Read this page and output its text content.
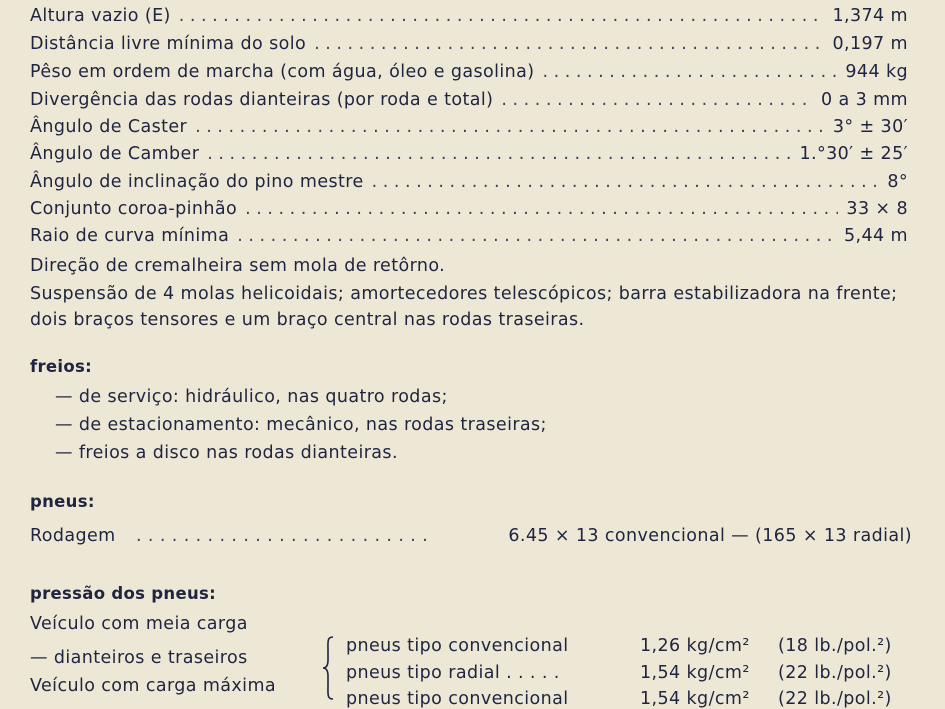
Altura vazio (E) . . .	1,374 m
Distância livre mínima do solo . . .	0,197 m
Pêso em ordem de marcha (com água, óleo e gasolina) . . .	944 kg
Divergência das rodas dianteiras (por roda e total) . . .	0 a 3 mm
Ângulo de Caster . . .	3° ± 30′
Ângulo de Camber . . .	1.°30′ ± 25′
Ângulo de inclinação do pino mestre . . .	8°
Conjunto coroa-pinhão . . .	33 × 8
Raio de curva mínima . . .	5,44 m
Direção de cremalheira sem mola de retôrno.
Suspensão de 4 molas helicoidais; amortecedores telescópicos; barra estabilizadora na frente; dois braços tensores e um braço central nas rodas traseiras.
freios:
— de serviço: hidráulico, nas quatro rodas;
— de estacionamento: mecânico, nas rodas traseiras;
— freios a disco nas rodas dianteiras.
pneus:
Rodagem . . .	6.45 × 13 convencional — (165 × 13 radial)
pressão dos pneus:
Veículo com meia carga
— dianteiros e traseiros
Veículo com carga máxima
pneus tipo convencional	1,26 kg/cm² (18 lb./pol.²)
pneus tipo radial . . . . .	1,54 kg/cm² (22 lb./pol.²)
pneus tipo convencional	1,54 kg/cm² (22 lb./pol.²)
